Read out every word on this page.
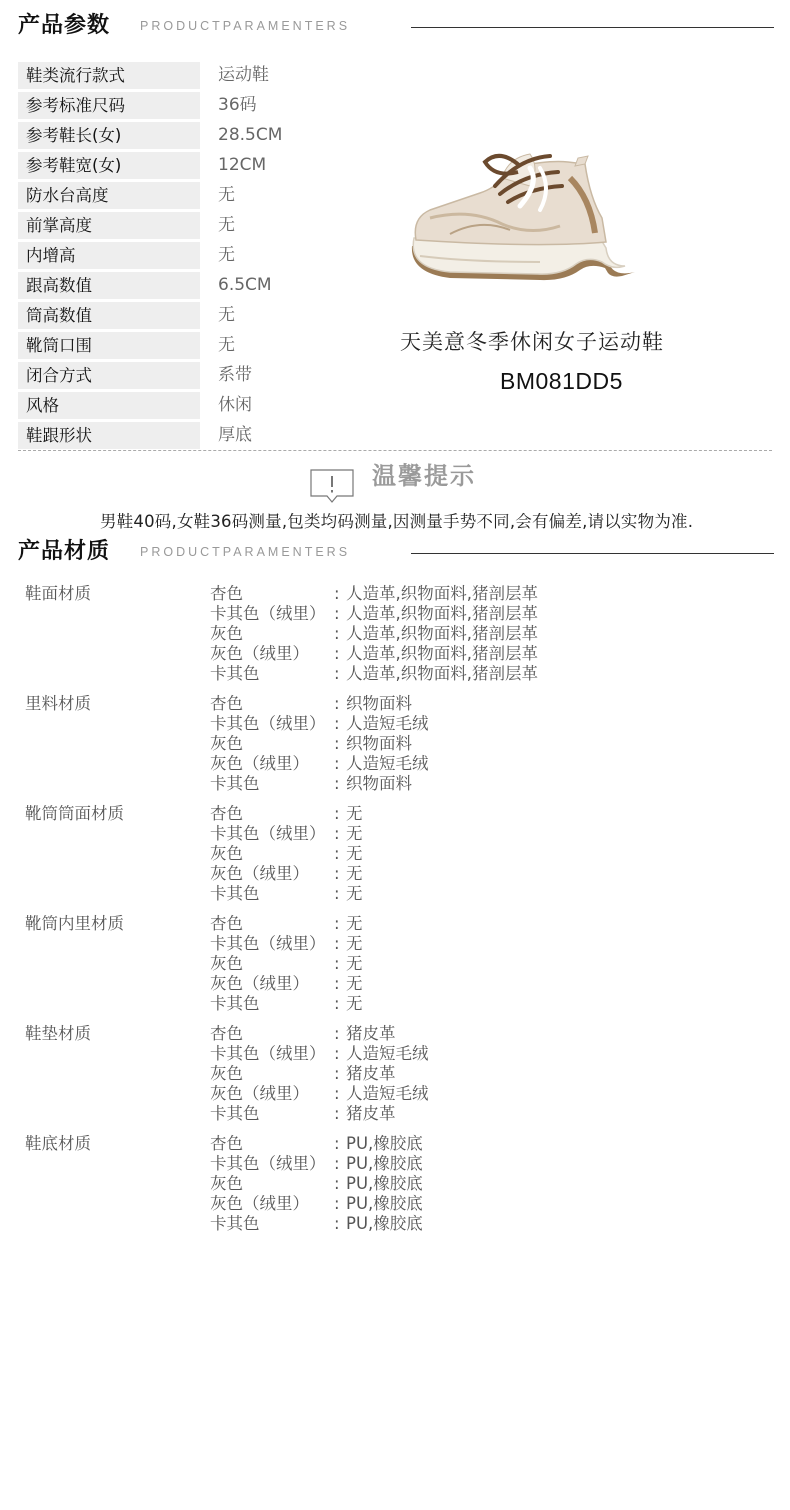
产品参数 PRODUCTPARAMENTERS
鞋类流行款式	运动鞋
参考标准尺码	36码
参考鞋长(女)	28.5CM
参考鞋宽(女)	12CM
防水台高度	无
前掌高度	无
内增高	无
跟高数值	6.5CM
筒高数值	无
靴筒口围	无
闭合方式	系带
风格	休闲
鞋跟形状	厚底
天美意冬季休闲女子运动鞋
BM081DD5
温馨提示
男鞋40码,女鞋36码测量,包类均码测量,因测量手势不同,会有偏差,请以实物为准.
产品材质 PRODUCTPARAMENTERS
鞋面材质	杏色	: 人造革,织物面料,猪剖层革
卡其色（绒里） : 人造革,织物面料,猪剖层革
灰色	: 人造革,织物面料,猪剖层革
灰色（绒里）	: 人造革,织物面料,猪剖层革
卡其色	: 人造革,织物面料,猪剖层革
里料材质	杏色	: 织物面料
卡其色（绒里） : 人造短毛绒
灰色	: 织物面料
灰色（绒里）	: 人造短毛绒
卡其色	: 织物面料
靴筒筒面材质	杏色	: 无
卡其色（绒里） : 无
灰色	: 无
灰色（绒里）	: 无
卡其色	: 无
靴筒内里材质	杏色	: 无
卡其色（绒里） : 无
灰色	: 无
灰色（绒里）	: 无
卡其色	: 无
鞋垫材质	杏色	: 猪皮革
卡其色（绒里） : 人造短毛绒
灰色	: 猪皮革
灰色（绒里）	: 人造短毛绒
卡其色	: 猪皮革
鞋底材质	杏色	: PU,橡胶底
卡其色（绒里） : PU,橡胶底
灰色	: PU,橡胶底
灰色（绒里）	: PU,橡胶底
卡其色	: PU,橡胶底
